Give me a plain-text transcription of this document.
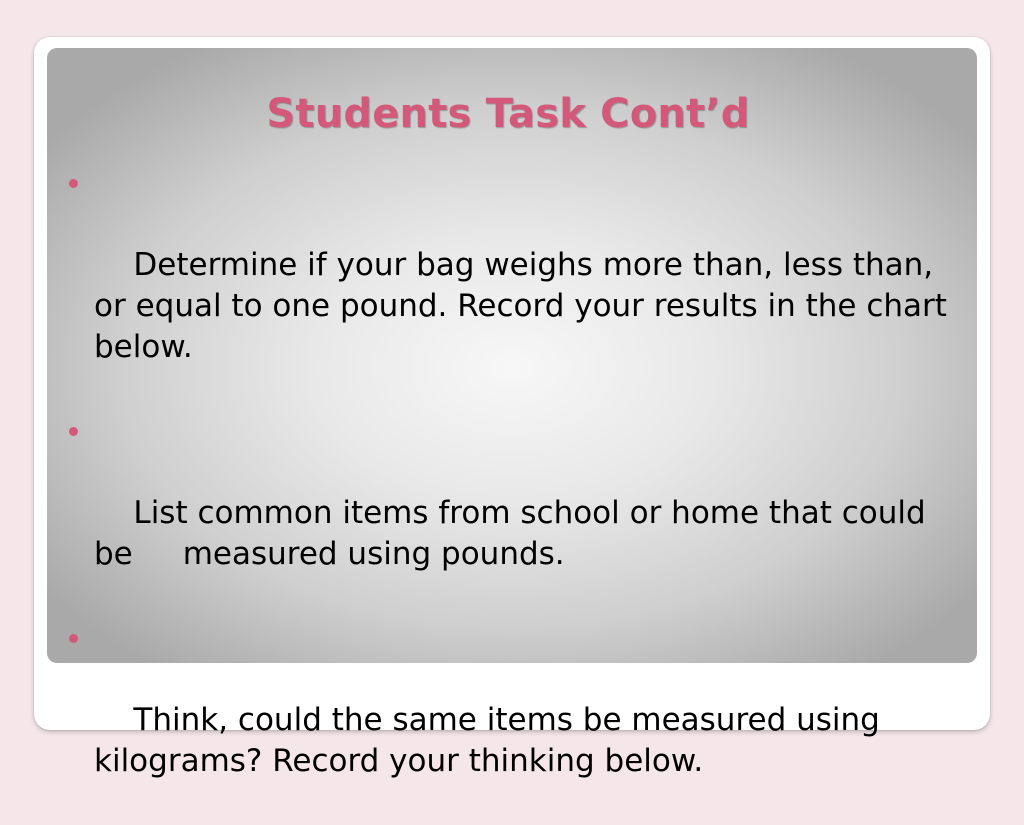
Students Task Cont’d

Determine if your bag weighs more than, less than, or equal to one pound. Record your results in the chart below.

List common items from school or home that could be	measured using pounds.

Think, could the same items be measured using kilograms? Record your thinking below.
